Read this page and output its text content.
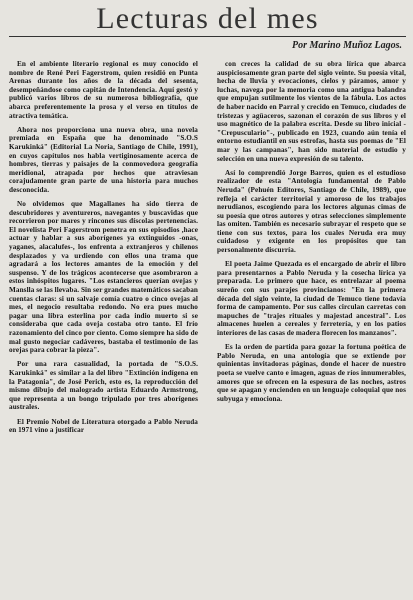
Lecturas del mes
Por Marino Muñoz Lagos.

En el ambiente literario regional es muy conocido el nombre de René Peri Fagerstrom, quien residió en Punta Arenas durante los años de la década del sesenta, desempeñándose como capitán de Intendencia. Aquí gestó y publicó varios libros de su numerosa bibliografía, que abarca preferentemente la prosa y el verso en títulos de atractiva temática.

Ahora nos proporciona una nueva obra, una novela premiada en España que ha denominado "S.O.S Karukinká" (Editorial La Noria, Santiago de Chile, 1991), en cuyos capítulos nos habla vertiginosamente acerca de hombres, tierras y paisajes de la conmovedora geografía meridional, atrapada por hechos que atraviesan corajudamente gran parte de una historia para muchos desconocida.

No olvidemos que Magallanes ha sido tierra de descubridores y aventureros, navegantes y buscavidas que recorrieron por mares y rincones sus díscolas pertenencias. El novelista Peri Fagerstrom penetra en sus episodios ,hace actuar y hablar a sus aborígenes ya extinguidos -onas, yaganes, alacalufes-, los enfrenta a extranjeros y chilenos desplazados y va urdiendo con ellos una trama que agradará a los lectores amantes de la emoción y del suspenso. Y de los trágicos acontecerse que asombraron a estos inhóspitos lugares. "Los estancieros querían ovejas y Manslla se las llevaba. Sin ser grandes matemáticos sacaban cuentas claras: si un salvaje comía cuatro o cinco ovejas al mes, el negocio resultaba redondo. No era pues mucho pagar una libra esterlina por cada indio muerto si se consideraba que cada oveja costaba otro tanto. El frío razonamiento del cinco por ciento. Como siempre ha sido de mal gusto negociar cadáveres, bastaba el testimonio de las orejas para cobrar la pieza".

Por una rara casualidad, la portada de "S.O.S. Karukinká" es similar a la del libro "Extinción indígena en la Patagonia", de José Perich, esto es, la reproducción del mismo dibujo del malogrado artista Eduardo Armstrong, que representa a un bongo tripulado por tres aborígenes australes.

El Premio Nobel de Literatura otorgado a Pablo Neruda en 1971 vino a justificar

con creces la calidad de su obra lírica que abarca auspiciosamente gran parte del siglo veinte. Su poesía vital, hecha de lluvia y evocaciones, cielos y páramos, amor y luchas, navega por la memoria como una antigua balandra que empujan sutilmente los vientos de la fábula. Los actos de haber nacido en Parral y crecido en Temuco, ciudades de tristezas y agüaceros, sazonan el corazón de sus libros y el uso magnético de la palabra escrita. Desde su libro inicial -"Crepusculario"-, publicado en 1923, cuando aún tenía el entorno estudiantil en sus estrofas, hasta sus poemas de "El mar y las campanas", han sido material de estudio y selección en una nueva expresión de su talento.

Así lo comprendió Jorge Barros, quien es el estudioso realizador de esta "Antología fundamental de Pablo Neruda" (Pehuén Editores, Santiago de Chile, 1989), que refleja el carácter territorial y amoroso de los trabajos nerudianos, escogiendo para los lectores algunas cimas de su poesía que otros autores y otras selecciones simplemente las omiten. También es necesario subrayar el respeto que se tiene con sus textos, para los cuales Neruda era muy cuidadoso y exigente en los propósitos que tan personalmente discurría.

El poeta Jaime Quezada es el encargado de abrir el libro para presentarnos a Pablo Neruda y la cosecha lírica ya preparada. Lo primero que hace, es entrelazar al poema sureño con sus parajes provincianos: "En la primera década del siglo veinte, la ciudad de Temuco tiene todavía forma de campamento. Por sus calles circulan carretas con mapuches de "trajes rituales y majestad ancestral". Los almacenes huelen a cereales y ferretería, y en los patios interiores de las casas de madera florecen los manzanos".

Es la orden de partida para gozar la fortuna poética de Pablo Neruda, en una antología que se extiende por quinientas invitadoras páginas, donde el hacer de nuestro poeta se vuelve canto e imagen, aguas de ríos innumerables, amores que se ofrecen en la espesura de las noches, astros que se apagan y encienden en un lenguaje coloquial que nos subyuga y emociona.
